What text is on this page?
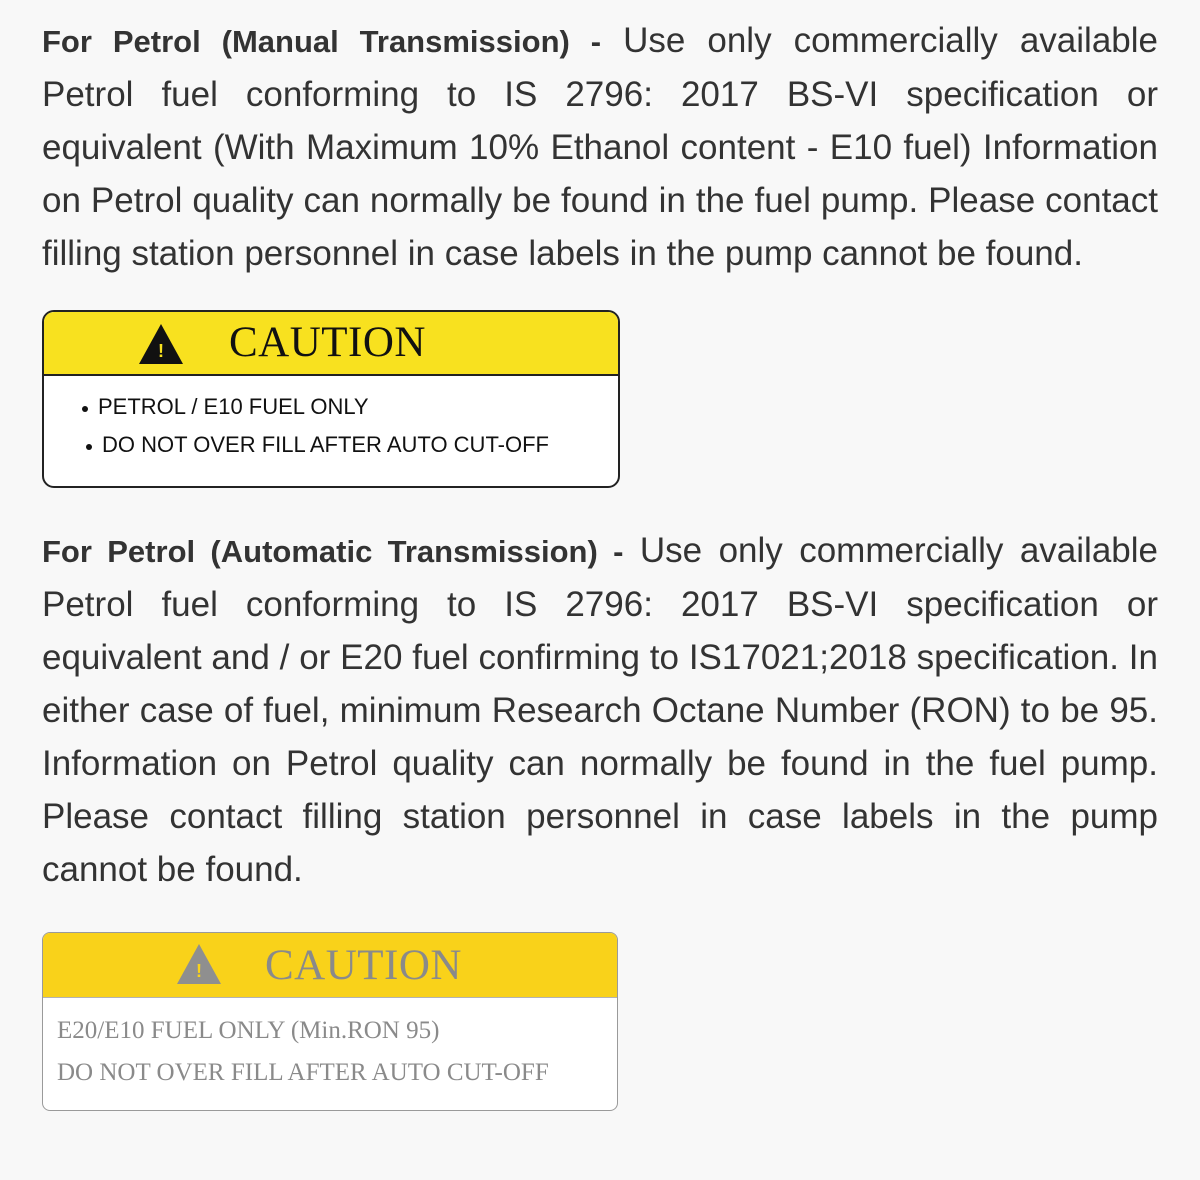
For Petrol (Manual Transmission) - Use only commercially available Petrol fuel conforming to IS 2796: 2017 BS-VI specification or equivalent (With Maximum 10% Ethanol content - E10 fuel) Information on Petrol quality can normally be found in the fuel pump. Please contact filling station personnel in case labels in the pump cannot be found.

! CAUTION
PETROL / E10 FUEL ONLY
DO NOT OVER FILL AFTER AUTO CUT-OFF

For Petrol (Automatic Transmission) - Use only commercially available Petrol fuel conforming to IS 2796: 2017 BS-VI specification or equivalent and / or E20 fuel confirming to IS17021;2018 specification. In either case of fuel, minimum Research Octane Number (RON) to be 95. Information on Petrol quality can normally be found in the fuel pump. Please contact filling station personnel in case labels in the pump cannot be found.

! CAUTION
E20/E10 FUEL ONLY (Min.RON 95)
DO NOT OVER FILL AFTER AUTO CUT-OFF
